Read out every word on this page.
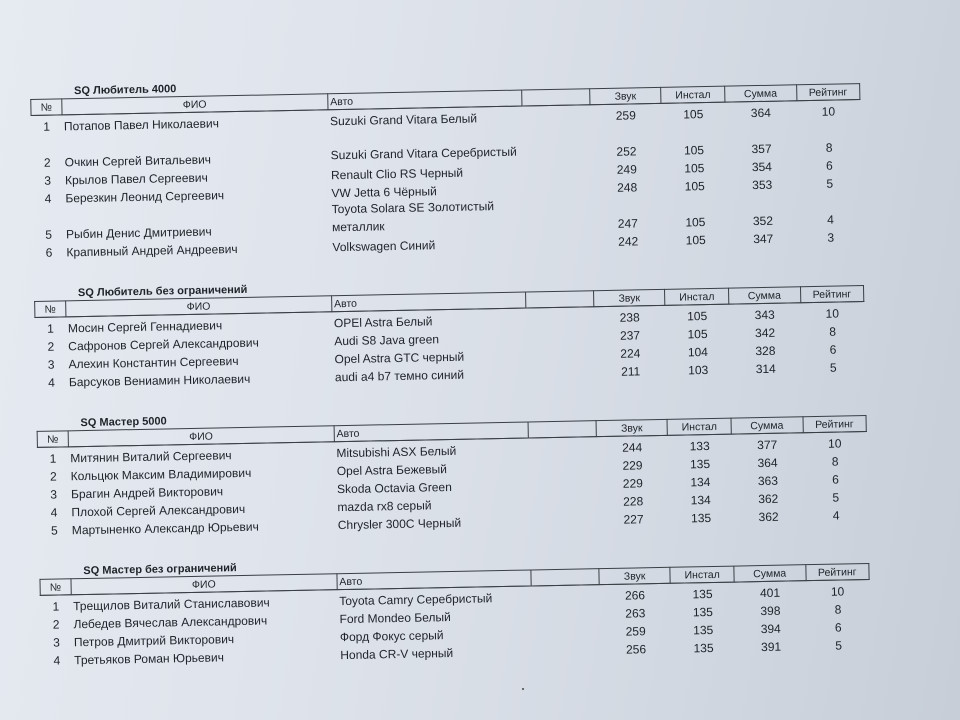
SQ Любитель 4000
№	ФИО	Авто		Звук	Инстал	Сумма	Рейтинг
1	Потапов Павел Николаевич	Suzuki Grand Vitara Белый		259	105	364	10
2	Очкин Сергей Витальевич	Suzuki Grand Vitara Серебристый		252	105	357	8
3	Крылов Павел Сергеевич	Renault Clio RS Черный		249	105	354	6
4	Березкин Леонид Сергеевич	VW Jetta 6 Чёрный		248	105	353	5
5	Рыбин Денис Дмитриевич	Toyota Solara SE Золотистый металлик		247	105	352	4
6	Крапивный Андрей Андреевич	Volkswagen Синий		242	105	347	3
SQ Любитель без ограничений
№	ФИО	Авто		Звук	Инстал	Сумма	Рейтинг
1	Мосин Сергей Геннадиевич	OPEl Astra Белый		238	105	343	10
2	Сафронов Сергей Александрович	Audi S8 Java green		237	105	342	8
3	Алехин Константин Сергеевич	Opel Astra GTC черный		224	104	328	6
4	Барсуков Вениамин Николаевич	audi a4 b7 темно синий		211	103	314	5
SQ Мастер 5000
№	ФИО	Авто		Звук	Инстал	Сумма	Рейтинг
1	Митянин Виталий Сергеевич	Mitsubishi ASX Белый		244	133	377	10
2	Кольцюк Максим Владимирович	Opel Astra Бежевый		229	135	364	8
3	Брагин Андрей Викторович	Skoda Octavia Green		229	134	363	6
4	Плохой Сергей Александрович	mazda rx8 серый		228	134	362	5
5	Мартыненко Александр Юрьевич	Chrysler 300C Черный		227	135	362	4
SQ Мастер без ограничений
№	ФИО	Авто		Звук	Инстал	Сумма	Рейтинг
1	Трещилов Виталий Станиславович	Toyota Camry Серебристый		266	135	401	10
2	Лебедев Вячеслав Александрович	Ford Mondeo Белый		263	135	398	8
3	Петров Дмитрий Викторович	Форд Фокус серый		259	135	394	6
4	Третьяков Роман Юрьевич	Honda CR-V черный		256	135	391	5
